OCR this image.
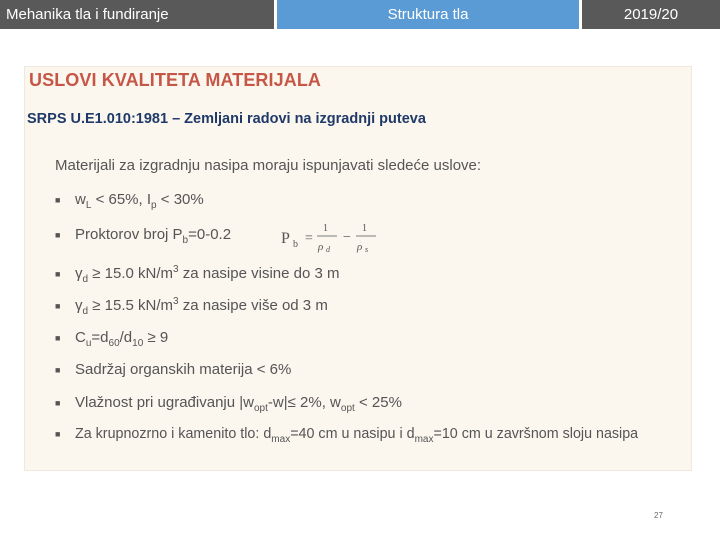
Mehanika tla i fundiranje	Struktura tla	2019/20
USLOVI KVALITETA MATERIJALA
SRPS U.E1.010:1981 – Zemljani radovi na izgradnji puteva
Materijali za izgradnju nasipa moraju ispunjavati sledeće uslove:
■ $w_L < 65\%$, $I_p < 30\%$
■ Proktorov broj $P_b=0-0.2$	P b =
1
ρ d
−
1
ρ s
■ $\gamma_d \ge 15.0$ $kN/m^3$ za nasipe visine do 3 m
■ $\gamma_d \ge 15.5$ $kN/m^3$ za nasipe više od 3 m
■ $C_u=d_{60}/d_{10} \ge 9$
■ Sadržaj organskih materija < 6%
■ Vlažnost pri ugrađivanju $|w_{opt}-w|\le 2\%$, $w_{opt} < 25\%$
■ Za krupnozrno i kamenito tlo: $d_{max}=40$ cm u nasipu i $d_{max}=10$ cm u završnom sloju nasipa
27
